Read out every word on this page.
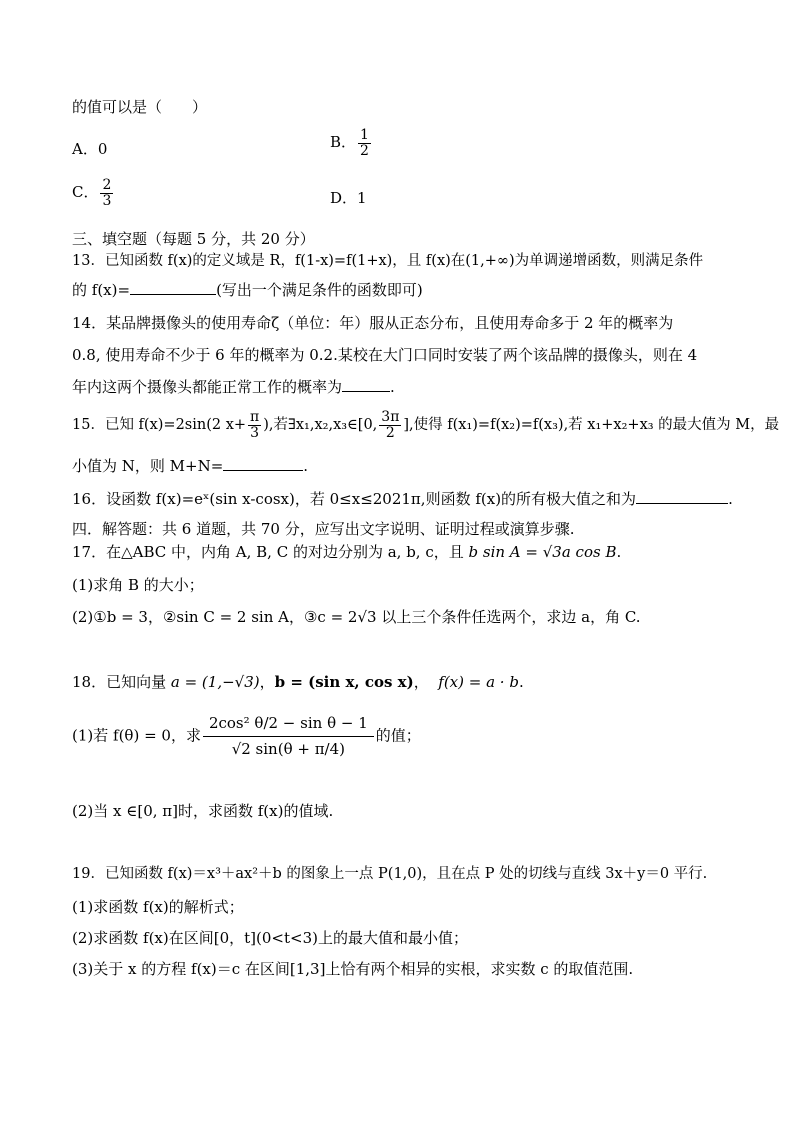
的值可以是（　　）
A．0	B． $\frac{1}{2}$
C． $\frac{2}{3}$	D．1
三、填空题（每题 5 分，共 20 分）
13．已知函数 f(x)的定义域是 R，f(1-x)=f(1+x)，且 f(x)在(1,+∞)为单调递增函数，则满足条件
的 f(x)=	(写出一个满足条件的函数即可)
14．某品牌摄像头的使用寿命ζ（单位：年）服从正态分布，且使用寿命多于 2 年的概率为
0.8, 使用寿命不少于 6 年的概率为 0.2.某校在大门口同时安装了两个该品牌的摄像头，则在 4
年内这两个摄像头都能正常工作的概率为	.
15．已知 f(x)=2sin(2 $x+ \frac{\pi}{3}$ ),若∃x₁,x₂,x₃∈[0, $\frac{3\pi}{2}$ ],使得 f(x₁)=f(x₂)=f(x₃),若 x₁+x₂+x₃ 的最大值为 M，最
小值为 N，则 M+N=	.
16．设函数 f(x)=eˣ(sin x-cosx)，若 0≤x≤2021π,则函数 f(x)的所有极大值之和为	.
四．解答题：共 6 道题，共 70 分，应写出文字说明、证明过程或演算步骤.
17．在△ABC 中，内角 A, B, C 的对边分别为 a, b, c，且 b sin A = √3a cos B.
(1)求角 B 的大小；
(2)①b = 3，②sin C = 2 sin A，③c = 2√3 以上三个条件任选两个，求边 a，角 C.
18．已知向量 a = (1,−√3)，b = (sin x, cos x)，  f(x) = a · b.
(1)若 f(θ) = 0，求 $\frac{\text{2cos² θ/2 − sin θ − 1}}{√2 \sin(\theta + \pi/4)}$ 的值；
(2)当 x ∈[0, π]时，求函数 f(x)的值域.
19．已知函数 f(x)＝x³＋ax²＋b 的图象上一点 P(1,0)，且在点 P 处的切线与直线 3x＋y＝0 平行.
(1)求函数 f(x)的解析式；
(2)求函数 f(x)在区间[0，t](0<t<3)上的最大值和最小值；
(3)关于 x 的方程 f(x)＝c 在区间[1,3]上恰有两个相异的实根，求实数 c 的取值范围.
